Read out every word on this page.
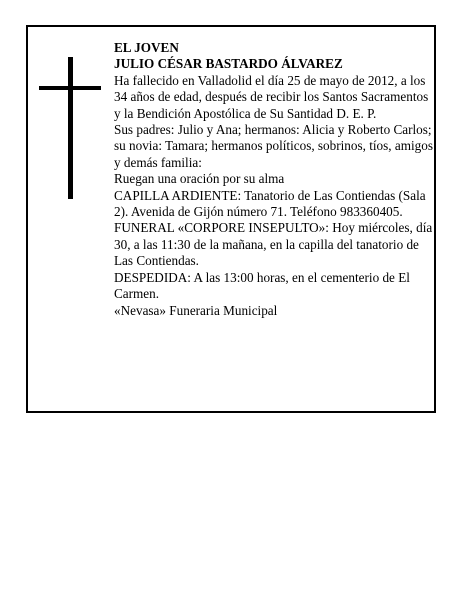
EL JOVEN

JULIO CÉSAR BASTARDO ÁLVAREZ

Ha fallecido en Valladolid el día 25 de mayo de 2012, a los 34 años de edad, después de recibir los Santos Sacramentos y la Bendición Apostólica de Su Santidad D. E. P.

Sus padres: Julio y Ana; hermanos: Alicia y Roberto Carlos; su novia: Tamara; hermanos políticos, sobrinos, tíos, amigos y demás familia:

Ruegan una oración por su alma

CAPILLA ARDIENTE: Tanatorio de Las Contiendas (Sala 2). Avenida de Gijón número 71. Teléfono 983360405.

FUNERAL «CORPORE INSEPULTO»: Hoy miércoles, día 30, a las 11:30 de la mañana, en la capilla del tanatorio de Las Contiendas.

DESPEDIDA: A las 13:00 horas, en el cementerio de El Carmen.

«Nevasa» Funeraria Municipal
